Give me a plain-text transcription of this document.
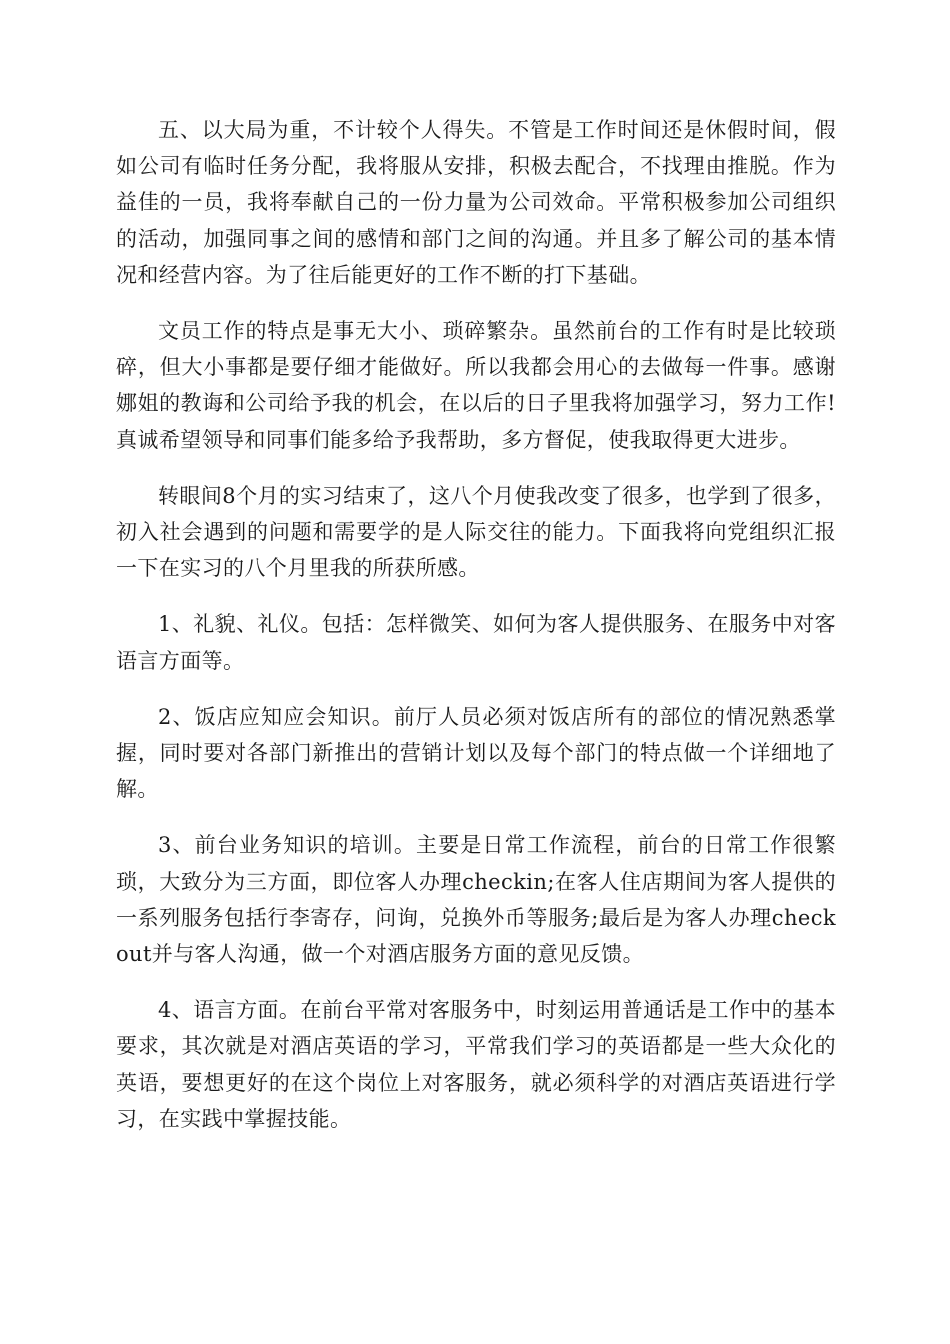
五、以大局为重，不计较个人得失。不管是工作时间还是休假时间，假如公司有临时任务分配，我将服从安排，积极去配合，不找理由推脱。作为益佳的一员，我将奉献自己的一份力量为公司效命。平常积极参加公司组织的活动，加强同事之间的感情和部门之间的沟通。并且多了解公司的基本情况和经营内容。为了往后能更好的工作不断的打下基础。

文员工作的特点是事无大小、琐碎繁杂。虽然前台的工作有时是比较琐碎，但大小事都是要仔细才能做好。所以我都会用心的去做每一件事。感谢娜姐的教诲和公司给予我的机会，在以后的日子里我将加强学习，努力工作!真诚希望领导和同事们能多给予我帮助，多方督促，使我取得更大进步。

转眼间8个月的实习结束了，这八个月使我改变了很多，也学到了很多，初入社会遇到的问题和需要学的是人际交往的能力。下面我将向党组织汇报一下在实习的八个月里我的所获所感。

1、礼貌、礼仪。包括：怎样微笑、如何为客人提供服务、在服务中对客语言方面等。

2、饭店应知应会知识。前厅人员必须对饭店所有的部位的情况熟悉掌握，同时要对各部门新推出的营销计划以及每个部门的特点做一个详细地了解。

3、前台业务知识的培训。主要是日常工作流程，前台的日常工作很繁琐，大致分为三方面，即位客人办理checkin;在客人住店期间为客人提供的一系列服务包括行李寄存，问询，兑换外币等服务;最后是为客人办理checkout并与客人沟通，做一个对酒店服务方面的意见反馈。

4、语言方面。在前台平常对客服务中，时刻运用普通话是工作中的基本要求，其次就是对酒店英语的学习，平常我们学习的英语都是一些大众化的英语，要想更好的在这个岗位上对客服务，就必须科学的对酒店英语进行学习，在实践中掌握技能。
